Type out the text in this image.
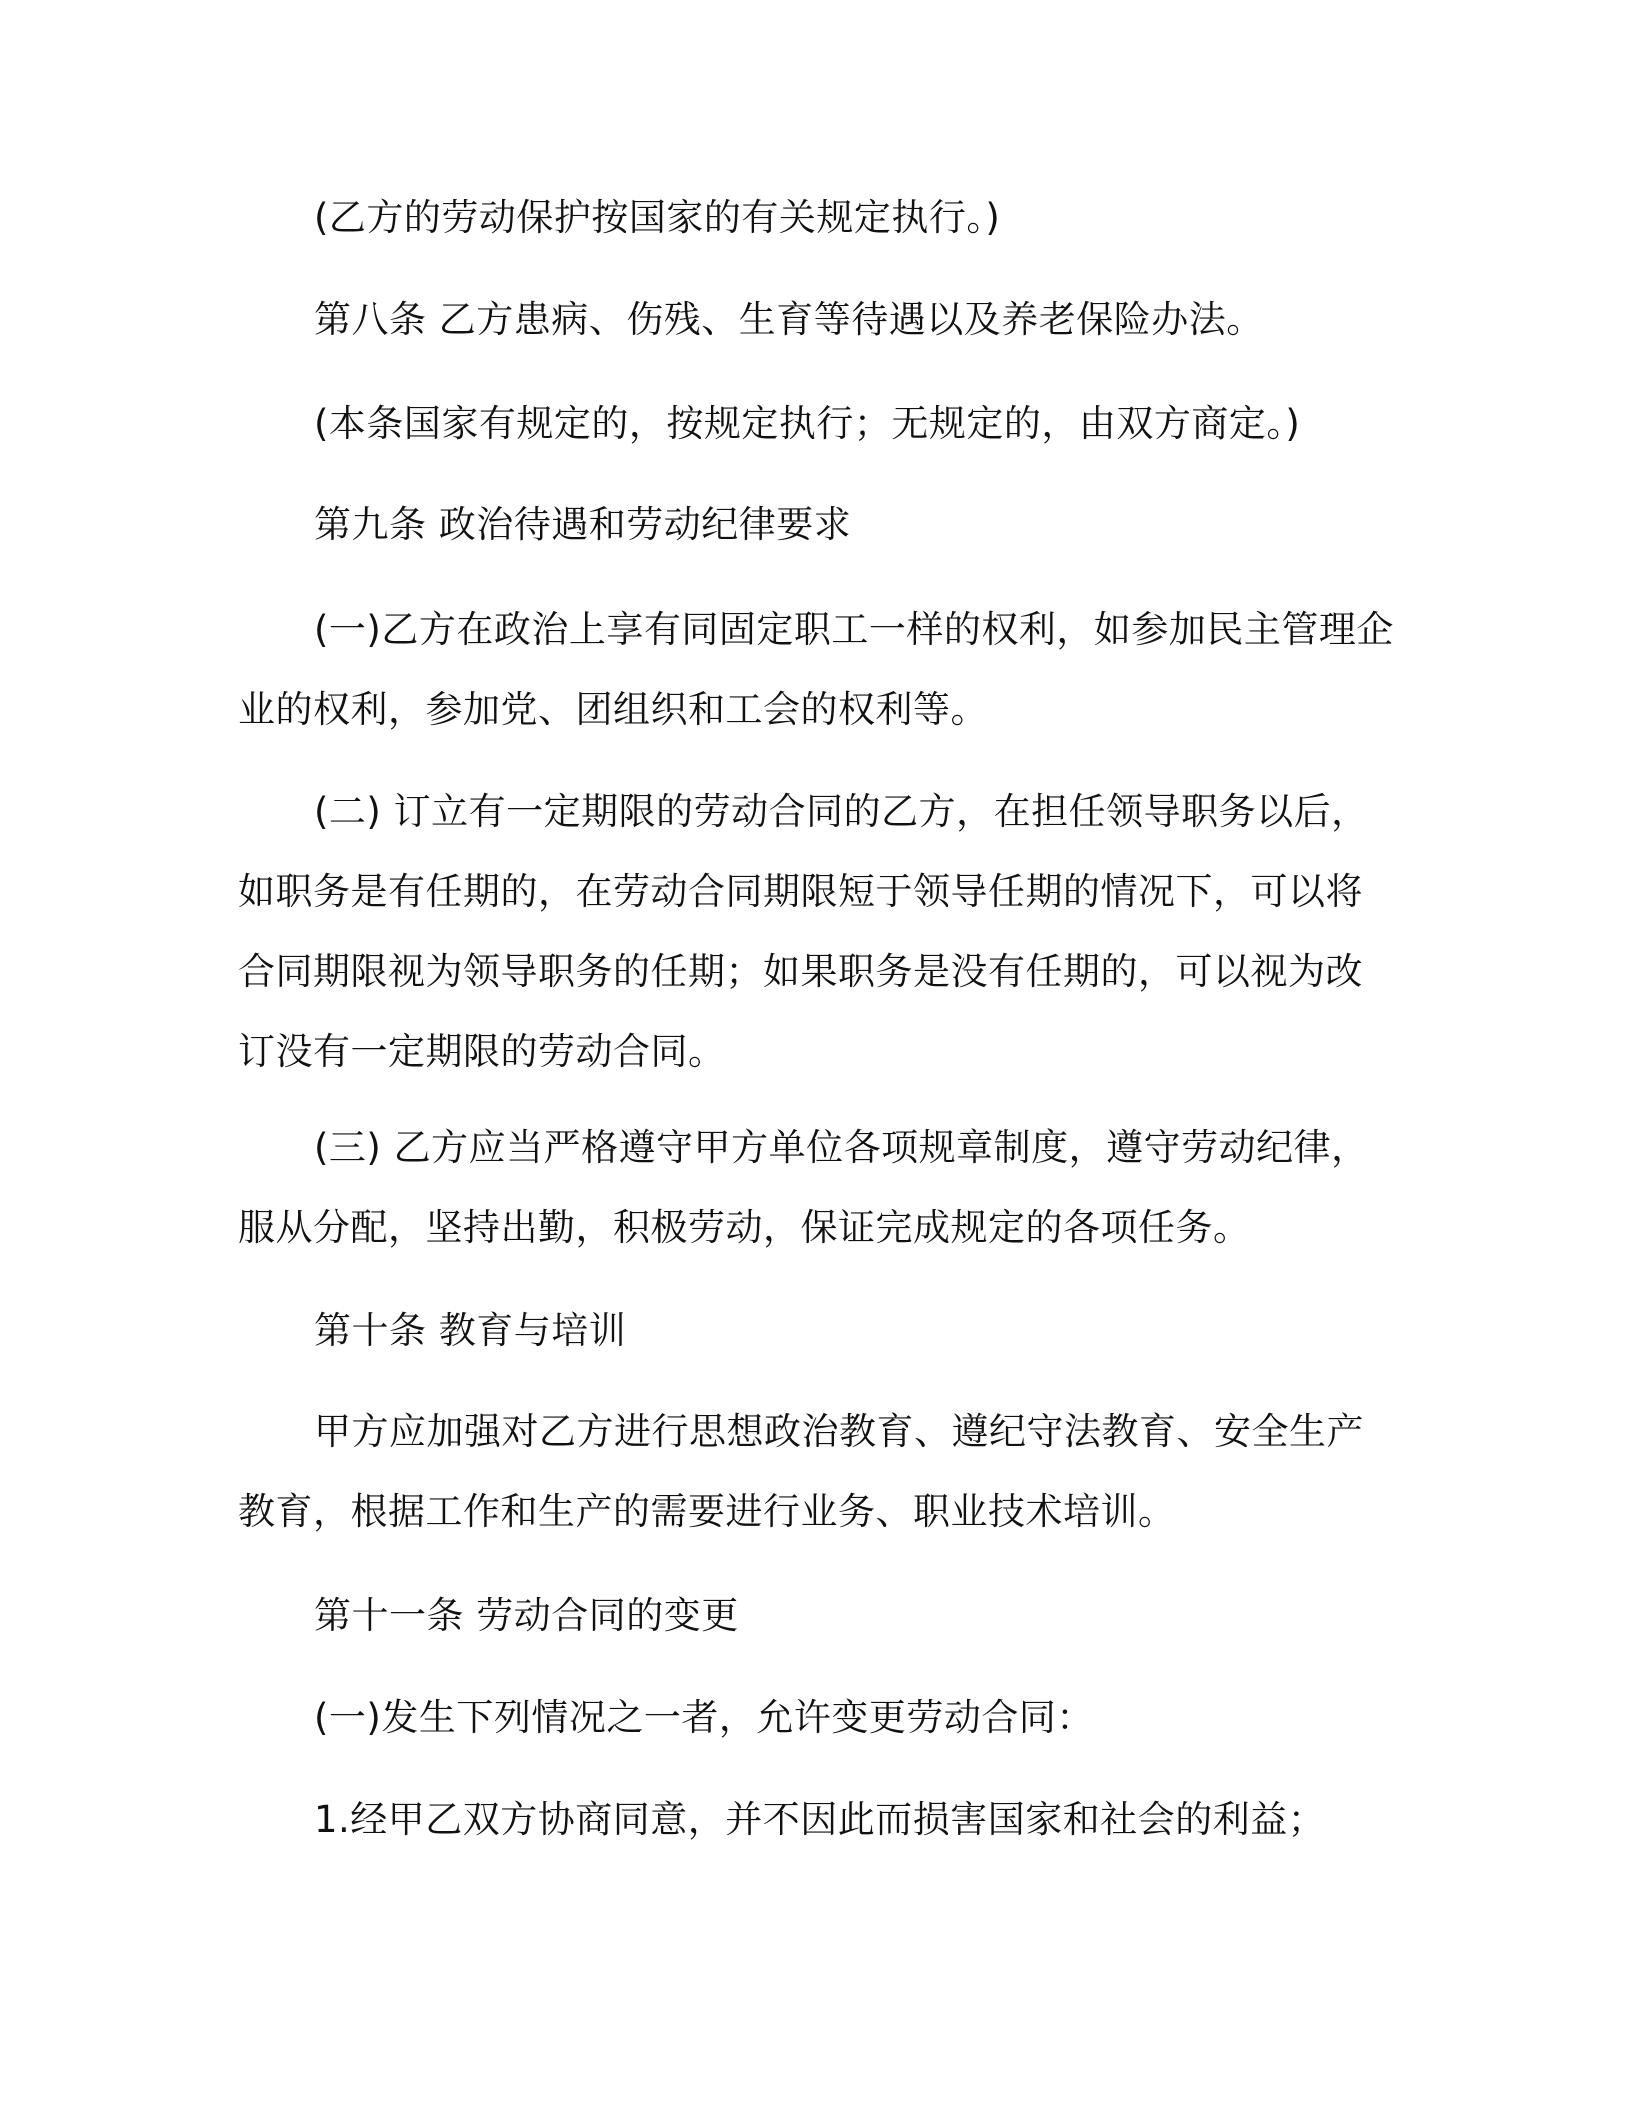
(乙方的劳动保护按国家的有关规定执行。)

第八条 乙方患病、伤残、生育等待遇以及养老保险办法。

(本条国家有规定的，按规定执行；无规定的，由双方商定。)

第九条 政治待遇和劳动纪律要求

(一)乙方在政治上享有同固定职工一样的权利，如参加民主管理企
业的权利，参加党、团组织和工会的权利等。

(二) 订立有一定期限的劳动合同的乙方，在担任领导职务以后，
如职务是有任期的，在劳动合同期限短于领导任期的情况下，可以将
合同期限视为领导职务的任期；如果职务是没有任期的，可以视为改
订没有一定期限的劳动合同。

(三) 乙方应当严格遵守甲方单位各项规章制度，遵守劳动纪律，
服从分配，坚持出勤，积极劳动，保证完成规定的各项任务。

第十条 教育与培训

甲方应加强对乙方进行思想政治教育、遵纪守法教育、安全生产
教育，根据工作和生产的需要进行业务、职业技术培训。

第十一条 劳动合同的变更

(一)发生下列情况之一者，允许变更劳动合同：

1.经甲乙双方协商同意，并不因此而损害国家和社会的利益；
